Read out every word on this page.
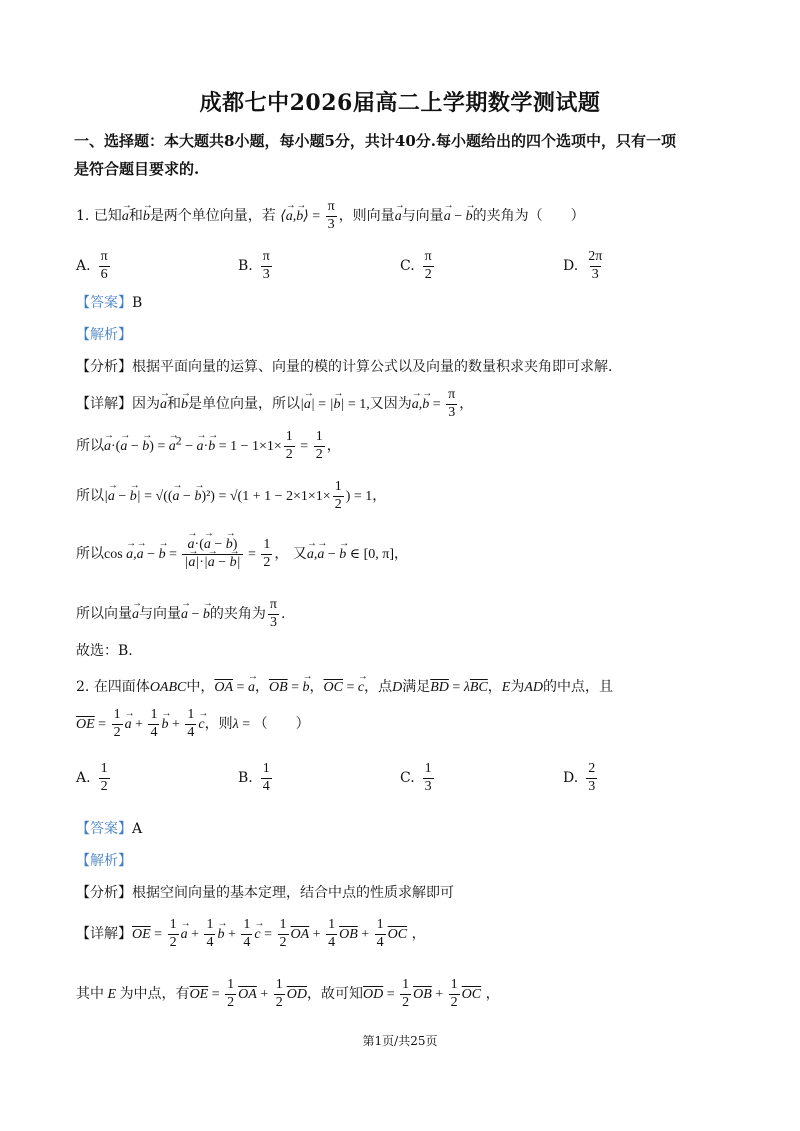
成都七中2026届高二上学期数学测试题
一、选择题：本大题共8小题，每小题5分，共计40分.每小题给出的四个选项中，只有一项
是符合题目要求的.
1. 已知→ a和→ b是两个单位向量，若 ⟨→ a,→ b⟩ = $\frac{\pi}{3}$ ，则向量→ a与向量→ a − → b的夹角为（　　）
A. $\frac{\pi}{6}$	B. $\frac{\pi}{3}$	C. $\frac{\pi}{2}$	D. $\frac{2\pi}{3}$
【答案】B
【解析】
【分析】根据平面向量的运算、向量的模的计算公式以及向量的数量积求夹角即可求解.
【详解】因为→ a和→ b是单位向量，所以|→ a| = |→ b| = 1,又因为→ $a,\to b = \frac{\pi}{3}$ ，
所以→ a·(→ a − → b) = → $a^2$ − → $a\cdot\to b = 1 - 1\times 1\times \frac{1}{2} = \frac{1}{2}$ ，
所以|→ a − → b| = √((→ a − → $b)^2) = √(1 + 1 - 2\times 1\times 1\times \frac{1}{2}$ ) = 1，
所以cos → a,→ a − → b = → $\frac{a\cdot(\to a - \to b)}{|\to a|\cdot|\to a - \to b|} = \frac{1}{2}$ ， 又→ a,→ a − → b ∈ [0, π]，
所以向量→ a与向量→ a − → b的夹角为 $\frac{\pi}{3}$ .
故选：B.
2. 在四面体OABC中，$\overline{OA}$ = → a，$\overline{OB}$ = → b，$\overline{OC}$ = → c，点D满足$\overline{BD} = \lambda\overline{BC}$，E为AD的中点，且
$\overline{OE} = \frac{1}{2} \to a + \frac{1}{4} \to b + \frac{1}{4} \to c$，则λ = （　　）
A. $\frac{1}{2}$	B. $\frac{1}{4}$	C. $\frac{1}{3}$	D. $\frac{2}{3}$
【答案】A
【解析】
【分析】根据空间向量的基本定理，结合中点的性质求解即可
【详解】$\overline{OE} = \frac{1}{2} \to a + \frac{1}{4} \to b + \frac{1}{4} \to c = \frac{1}{2} \overline{OA} + \frac{1}{4} \overline{OB} + \frac{1}{4} \overline{OC}$ ，
其中 E 为中点，有$\overline{OE} = \frac{1}{2} \overline{OA} + \frac{1}{2} \overline{OD}$，故可知$\overline{OD} = \frac{1}{2} \overline{OB} + \frac{1}{2} \overline{OC}$ ，
第1页/共25页
